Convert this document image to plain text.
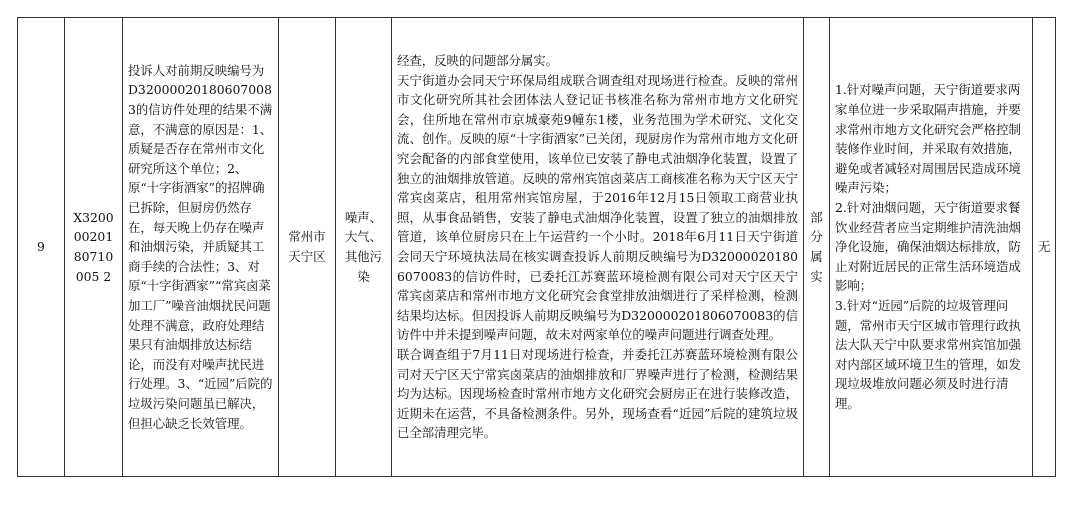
9	X32000020180710005 2	投诉人对前期反映编号为D320000201806070083的信访件处理的结果不满意，不满意的原因是：1、质疑是否存在常州市文化研究所这个单位；2、原“十字街酒家”的招牌确已拆除，但厨房仍然存在，每天晚上仍存在噪声和油烟污染，并质疑其工商手续的合法性；3、对原“十字街酒家”“常宾卤菜加工厂”噪音油烟扰民问题处理不满意，政府处理结果只有油烟排放达标结论，而没有对噪声扰民进行处理。3、“近园”后院的垃圾污染问题虽已解决，但担心缺乏长效管理。	常州市天宁区	噪声、大气、其他污染	
经查，反映的问题部分属实。
天宁街道办会同天宁环保局组成联合调查组对现场进行检查。反映的常州市文化研究所其社会团体法人登记证书核准名称为常州市地方文化研究会，住所地在常州市京城豪苑9幢东1楼，业务范围为学术研究、文化交流、创作。反映的原“十字街酒家”已关闭，现厨房作为常州市地方文化研究会配备的内部食堂使用，该单位已安装了静电式油烟净化装置，设置了独立的油烟排放管道。反映的常州宾馆卤菜店工商核准名称为天宁区天宁常宾卤菜店，租用常州宾馆房屋，于2016年12月15日领取工商营业执照，从事食品销售，安装了静电式油烟净化装置，设置了独立的油烟排放管道，该单位厨房只在上午运营约一个小时。2018年6月11日天宁街道会同天宁环境执法局在核实调查投诉人前期反映编号为D320000201806070083的信访件时，已委托江苏赛蓝环境检测有限公司对天宁区天宁常宾卤菜店和常州市地方文化研究会食堂排放油烟进行了采样检测，检测结果均达标。但因投诉人前期反映编号为D320000201806070083的信访件中并未提到噪声问题，故未对两家单位的噪声问题进行调查处理。
联合调查组于7月11日对现场进行检查，并委托江苏赛蓝环境检测有限公司对天宁区天宁常宾卤菜店的油烟排放和厂界噪声进行了检测，检测结果均为达标。因现场检查时常州市地方文化研究会厨房正在进行装修改造，近期未在运营，不具备检测条件。另外，现场查看“近园”后院的建筑垃圾已全部清理完毕。
	部分属实	
1.针对噪声问题，天宁街道要求两家单位进一步采取隔声措施，并要求常州市地方文化研究会严格控制装修作业时间，并采取有效措施，避免或者减轻对周围居民造成环境噪声污染；
2.针对油烟问题，天宁街道要求餐饮业经营者应当定期维护清洗油烟净化设施，确保油烟达标排放，防止对附近居民的正常生活环境造成影响；
3.针对“近园”后院的垃圾管理问题，常州市天宁区城市管理行政执法大队天宁中队要求常州宾馆加强对内部区域环境卫生的管理，如发现垃圾堆放问题必须及时进行清理。
	无
